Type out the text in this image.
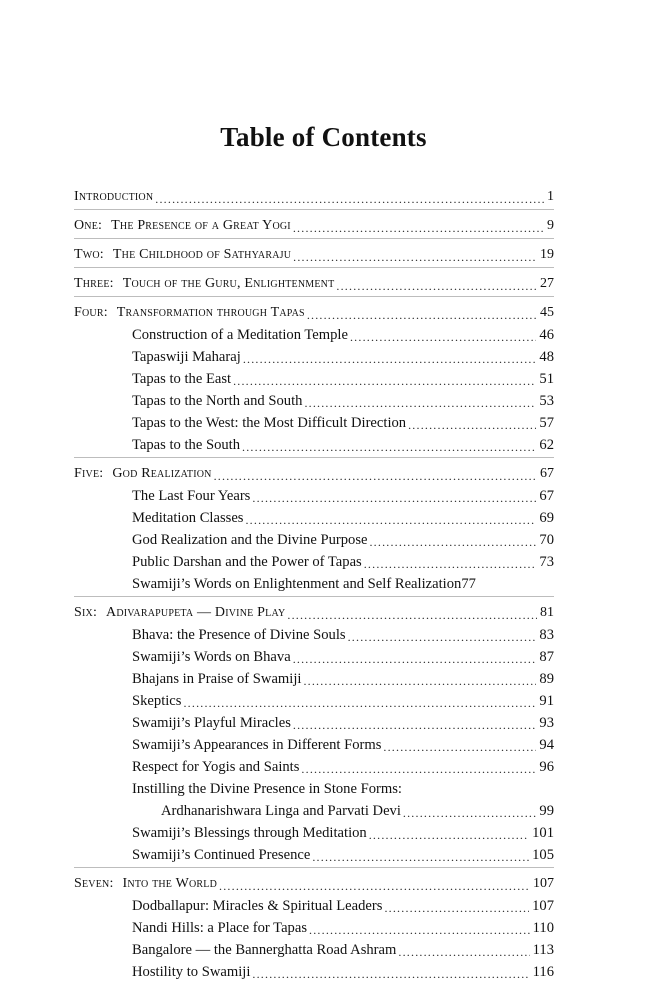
Table of Contents
Introduction .....	1
One: The Presence of a Great Yogi .....	9
Two: The Childhood of Sathyaraju .....	19
Three: Touch of the Guru, Enlightenment .....	27
Four: Transformation through Tapas .....	45
Construction of a Meditation Temple .....	46
Tapaswiji Maharaj .....	48
Tapas to the East .....	51
Tapas to the North and South .....	53
Tapas to the West: the Most Difficult Direction .....	57
Tapas to the South .....	62
Five: God Realization .....	67
The Last Four Years .....	67
Meditation Classes .....	69
God Realization and the Divine Purpose .....	70
Public Darshan and the Power of Tapas .....	73
Swamiji’s Words on Enlightenment and Self Realization 77
Six: Adivarapupeta — Divine Play .....	81
Bhava: the Presence of Divine Souls .....	83
Swamiji’s Words on Bhava .....	87
Bhajans in Praise of Swamiji .....	89
Skeptics .....	91
Swamiji’s Playful Miracles .....	93
Swamiji’s Appearances in Different Forms .....	94
Respect for Yogis and Saints .....	96
Instilling the Divine Presence in Stone Forms:
Ardhanarishwara Linga and Parvati Devi .....	99
Swamiji’s Blessings through Meditation .....	101
Swamiji’s Continued Presence .....	105
Seven: Into the World .....	107
Dodballapur: Miracles & Spiritual Leaders .....	107
Nandi Hills: a Place for Tapas .....	110
Bangalore — the Bannerghatta Road Ashram .....	113
Hostility to Swamiji .....	116
